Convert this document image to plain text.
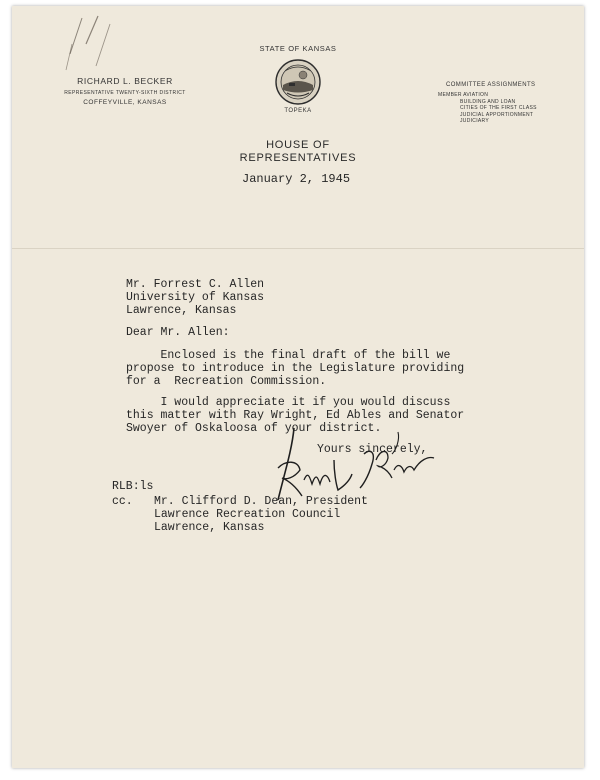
RICHARD L. BECKER
REPRESENTATIVE TWENTY-SIXTH DISTRICT
COFFEYVILLE, KANSAS
STATE OF KANSAS
TOPEKA
HOUSE OF
REPRESENTATIVES
COMMITTEE ASSIGNMENTS
MEMBER AVIATION
BUILDING AND LOAN
CITIES OF THE FIRST CLASS
JUDICIAL APPORTIONMENT
JUDICIARY
January 2, 1945
Mr. Forrest C. Allen
University of Kansas
Lawrence, Kansas
Dear Mr. Allen:
Enclosed is the final draft of the bill we
propose to introduce in the Legislature providing
for a  Recreation Commission.
I would appreciate it if you would discuss
this matter with Ray Wright, Ed Ables and Senator
Swoyer of Oskaloosa of your district.
Yours sincerely,
RLB:ls
cc. Mr. Clifford D. Dean, President
Lawrence Recreation Council
Lawrence, Kansas
